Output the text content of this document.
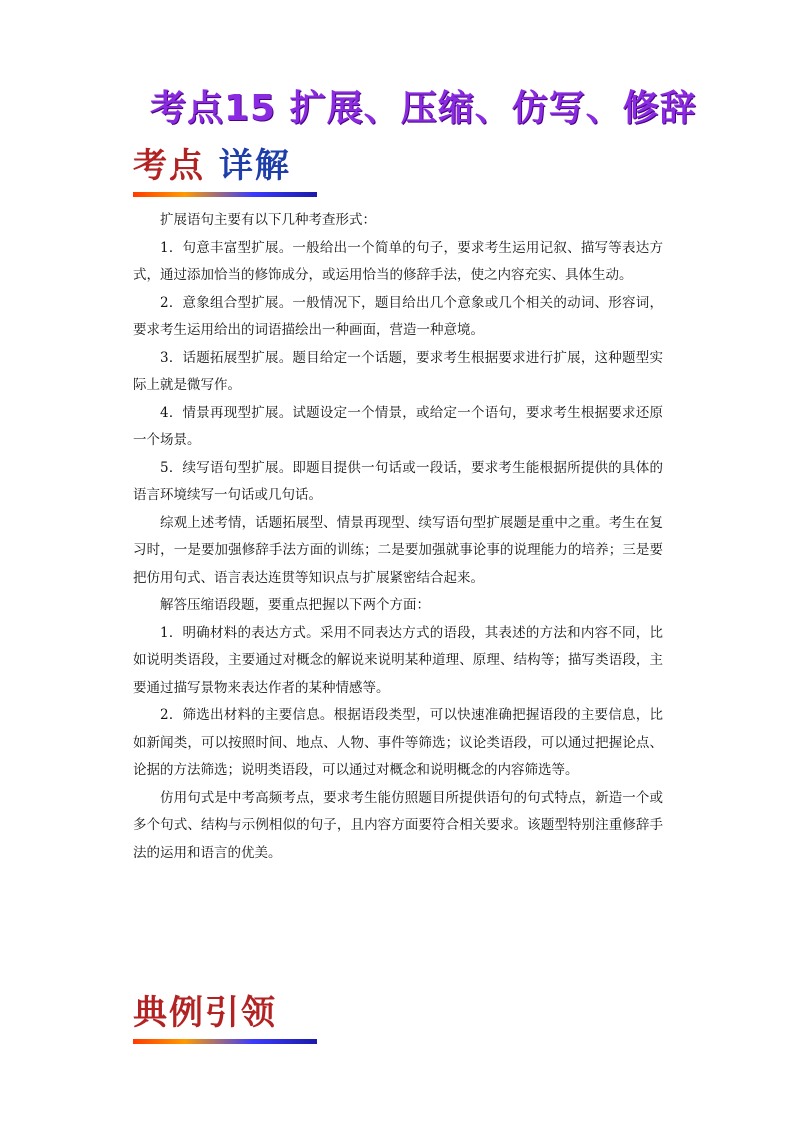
考点15 扩展、压缩、仿写、修辞
考点 详解

扩展语句主要有以下几种考查形式：

1．句意丰富型扩展。一般给出一个简单的句子，要求考生运用记叙、描写等表达方式，通过添加恰当的修饰成分，或运用恰当的修辞手法，使之内容充实、具体生动。

2．意象组合型扩展。一般情况下，题目给出几个意象或几个相关的动词、形容词，要求考生运用给出的词语描绘出一种画面，营造一种意境。

3．话题拓展型扩展。题目给定一个话题，要求考生根据要求进行扩展，这种题型实际上就是微写作。

4．情景再现型扩展。试题设定一个情景，或给定一个语句，要求考生根据要求还原一个场景。

5．续写语句型扩展。即题目提供一句话或一段话，要求考生能根据所提供的具体的语言环境续写一句话或几句话。

综观上述考情，话题拓展型、情景再现型、续写语句型扩展题是重中之重。考生在复习时，一是要加强修辞手法方面的训练；二是要加强就事论事的说理能力的培养；三是要把仿用句式、语言表达连贯等知识点与扩展紧密结合起来。

解答压缩语段题，要重点把握以下两个方面：

1．明确材料的表达方式。采用不同表达方式的语段，其表述的方法和内容不同，比如说明类语段，主要通过对概念的解说来说明某种道理、原理、结构等；描写类语段，主要通过描写景物来表达作者的某种情感等。

2．筛选出材料的主要信息。根据语段类型，可以快速准确把握语段的主要信息，比如新闻类，可以按照时间、地点、人物、事件等筛选；议论类语段，可以通过把握论点、论据的方法筛选；说明类语段，可以通过对概念和说明概念的内容筛选等。

仿用句式是中考高频考点，要求考生能仿照题目所提供语句的句式特点，新造一个或多个句式、结构与示例相似的句子，且内容方面要符合相关要求。该题型特别注重修辞手法的运用和语言的优美。

典例引领
